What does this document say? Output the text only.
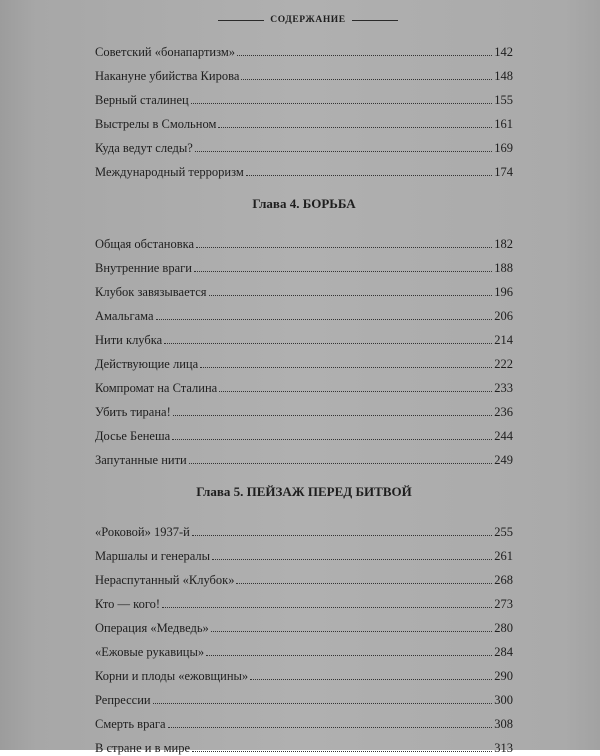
СОДЕРЖАНИЕ
Советский «бонапартизм»	142
Накануне убийства Кирова	148
Верный сталинец	155
Выстрелы в Смольном	161
Куда ведут следы?	169
Международный терроризм	174
Глава 4. БОРЬБА
Общая обстановка	182
Внутренние враги	188
Клубок завязывается	196
Амальгама	206
Нити клубка	214
Действующие лица	222
Компромат на Сталина	233
Убить тирана!	236
Досье Бенеша	244
Запутанные нити	249
Глава 5. ПЕЙЗАЖ ПЕРЕД БИТВОЙ
«Роковой» 1937-й	255
Маршалы и генералы	261
Нераспутанный «Клубок»	268
Кто — кого!	273
Операция «Медведь»	280
«Ежовые рукавицы»	284
Корни и плоды «ежовщины»	290
Репрессии	300
Смерть врага	308
В стране и в мире	313
